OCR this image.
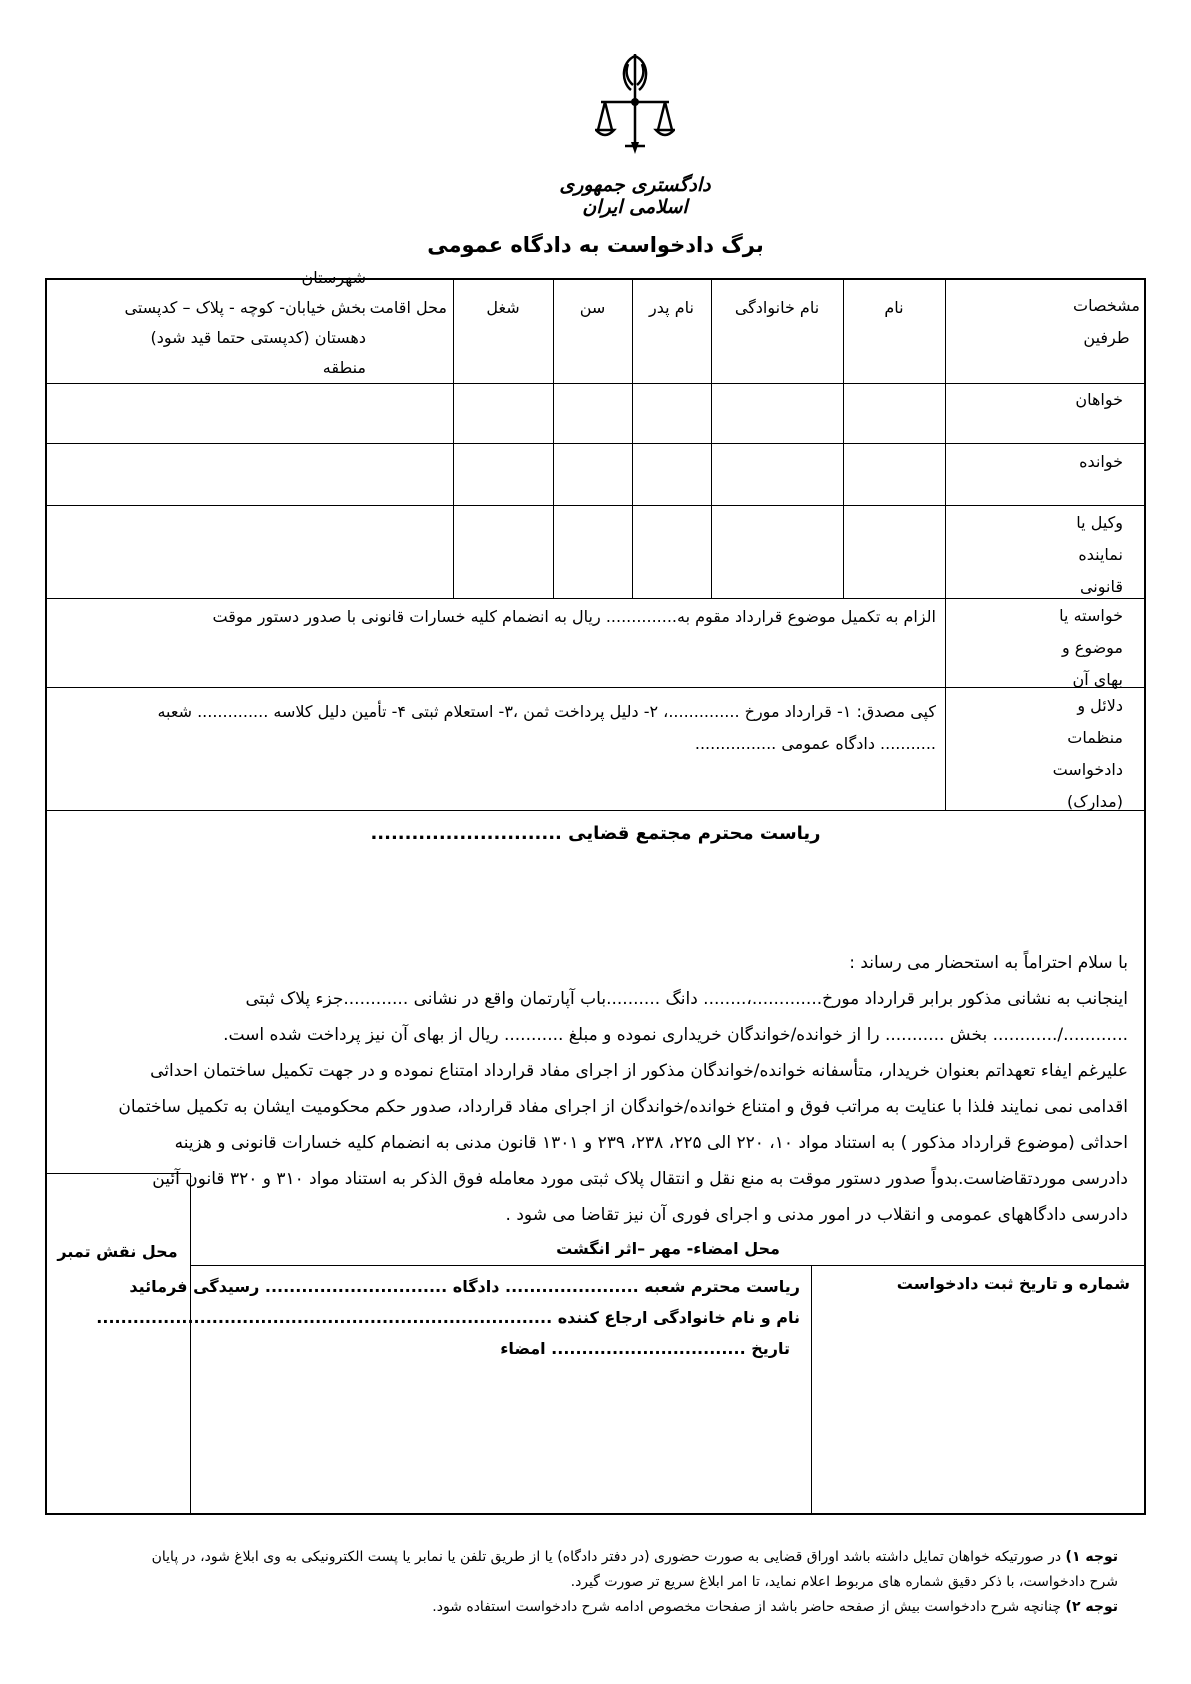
دادگستری جمهوری اسلامی ایران
برگ دادخواست به دادگاه عمومی
مشخصات طرفین
نام
نام خانوادگی
نام پدر
سن
شغل
محل اقامت
شهرستان
بخش خیابان- کوچه - پلاک – کدپستی
دهستان (کدپستی حتما قید شود)
منطقه
خواهان
خوانده
وکیل یا
نماینده
قانونی
خواسته یا
موضوع و
بهای آن
الزام به تکمیل موضوع قرارداد مقوم به.............. ریال به انضمام کلیه خسارات قانونی با صدور دستور موقت
دلائل و
منظمات
دادخواست
(مدارک)
کپی مصدق: ۱- قرارداد مورخ ..............، ۲- دلیل پرداخت ثمن ،۳- استعلام ثبتی ۴- تأمین دلیل کلاسه .............. شعبه
........... دادگاه عمومی ................
ریاست محترم مجتمع قضایی ............................
با سلام احتراماً به استحضار می رساند :
اینجانب به نشانی مذکور برابر قرارداد مورخ.............،........ دانگ ..........باب آپارتمان واقع در نشانی ............جزء پلاک ثبتی
............/............ بخش ........... را از خوانده/خواندگان خریداری نموده و مبلغ ........... ریال از بهای آن نیز پرداخت شده است.
علیرغم ایفاء تعهداتم بعنوان خریدار، متأسفانه خوانده/خواندگان مذکور از اجرای مفاد قرارداد امتناع نموده و در جهت تکمیل ساختمان احداثی
اقدامی نمی نمایند فلذا با عنایت به مراتب فوق و امتناع خوانده/خواندگان از اجرای مفاد قرارداد، صدور حکم محکومیت ایشان به تکمیل ساختمان
احداثی (موضوع قرارداد مذکور ) به استناد مواد ۱۰، ۲۲۰ الی ۲۲۵، ۲۳۸، ۲۳۹ و ۱۳۰۱ قانون مدنی به انضمام کلیه خسارات قانونی و هزینه
دادرسی موردتقاضاست.بدواً صدور دستور موقت به منع نقل و انتقال پلاک ثبتی مورد معامله فوق الذکر به استناد مواد ۳۱۰ و ۳۲۰ قانون آئین
دادرسی دادگاههای عمومی و انقلاب در امور مدنی و اجرای فوری آن نیز تقاضا می شود .
محل نقش تمبر	محل امضاء- مهر –اثر انگشت
شماره و تاریخ ثبت دادخواست
ریاست محترم شعبه ...................... دادگاه .............................. رسیدگی فرمائید
نام و نام خانوادگی ارجاع کننده ...........................................................................
تاریخ ................................ امضاء
توجه ۱) در صورتیکه خواهان تمایل داشته باشد اوراق قضایی به صورت حضوری (در دفتر دادگاه) یا از طریق تلفن یا نمابر یا پست الکترونیکی به وی ابلاغ شود، در پایان
شرح دادخواست، با ذکر دقیق شماره های مربوط اعلام نماید، تا امر ابلاغ سریع تر صورت گیرد.
توجه ۲) چنانچه شرح دادخواست بیش از صفحه حاضر باشد از صفحات مخصوص ادامه شرح دادخواست استفاده شود.
